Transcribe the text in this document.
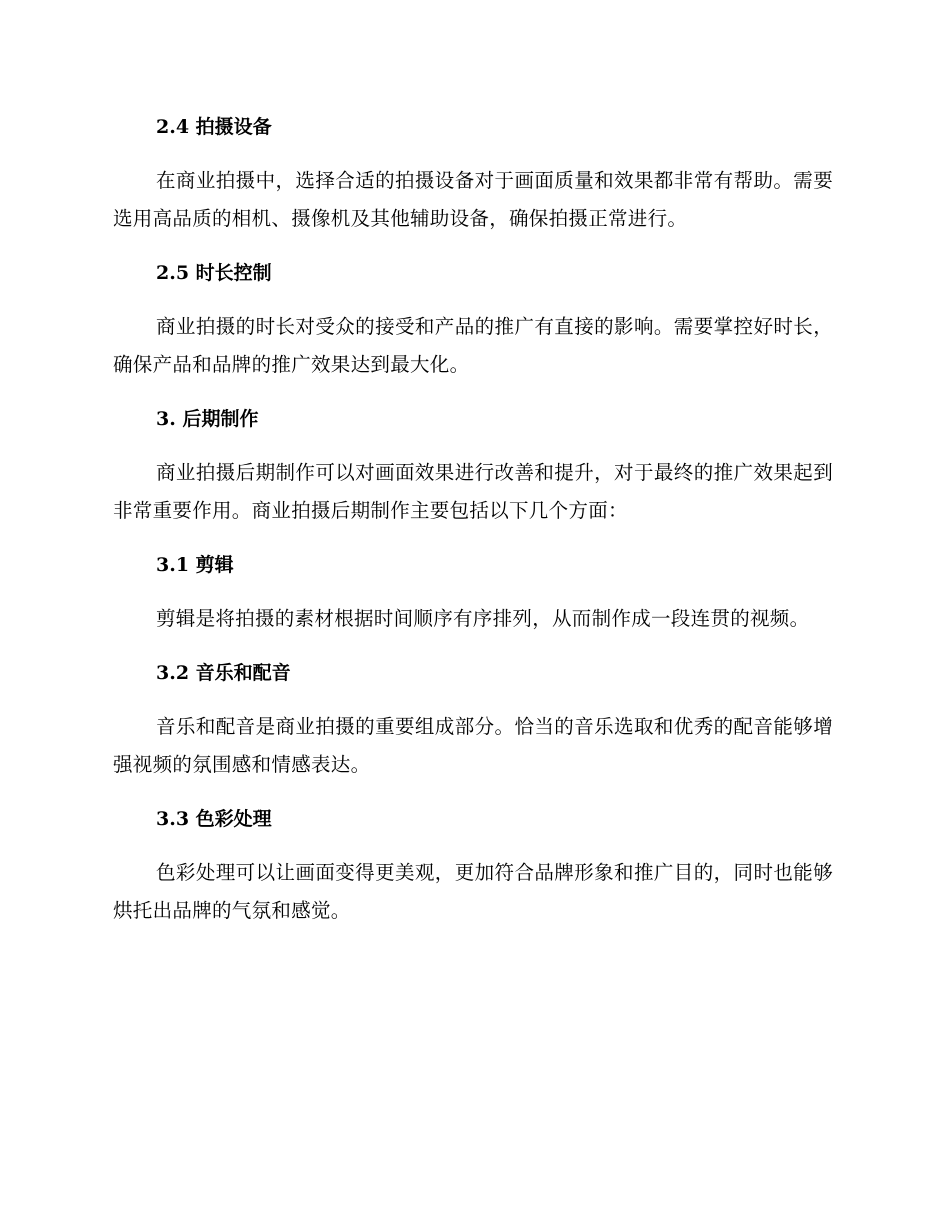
2.4 拍摄设备

在商业拍摄中，选择合适的拍摄设备对于画面质量和效果都非常有帮助。需要选用高品质的相机、摄像机及其他辅助设备，确保拍摄正常进行。

2.5 时长控制

商业拍摄的时长对受众的接受和产品的推广有直接的影响。需要掌控好时长，确保产品和品牌的推广效果达到最大化。

3. 后期制作

商业拍摄后期制作可以对画面效果进行改善和提升，对于最终的推广效果起到非常重要作用。商业拍摄后期制作主要包括以下几个方面：

3.1 剪辑

剪辑是将拍摄的素材根据时间顺序有序排列，从而制作成一段连贯的视频。

3.2 音乐和配音

音乐和配音是商业拍摄的重要组成部分。恰当的音乐选取和优秀的配音能够增强视频的氛围感和情感表达。

3.3 色彩处理

色彩处理可以让画面变得更美观，更加符合品牌形象和推广目的，同时也能够烘托出品牌的气氛和感觉。
